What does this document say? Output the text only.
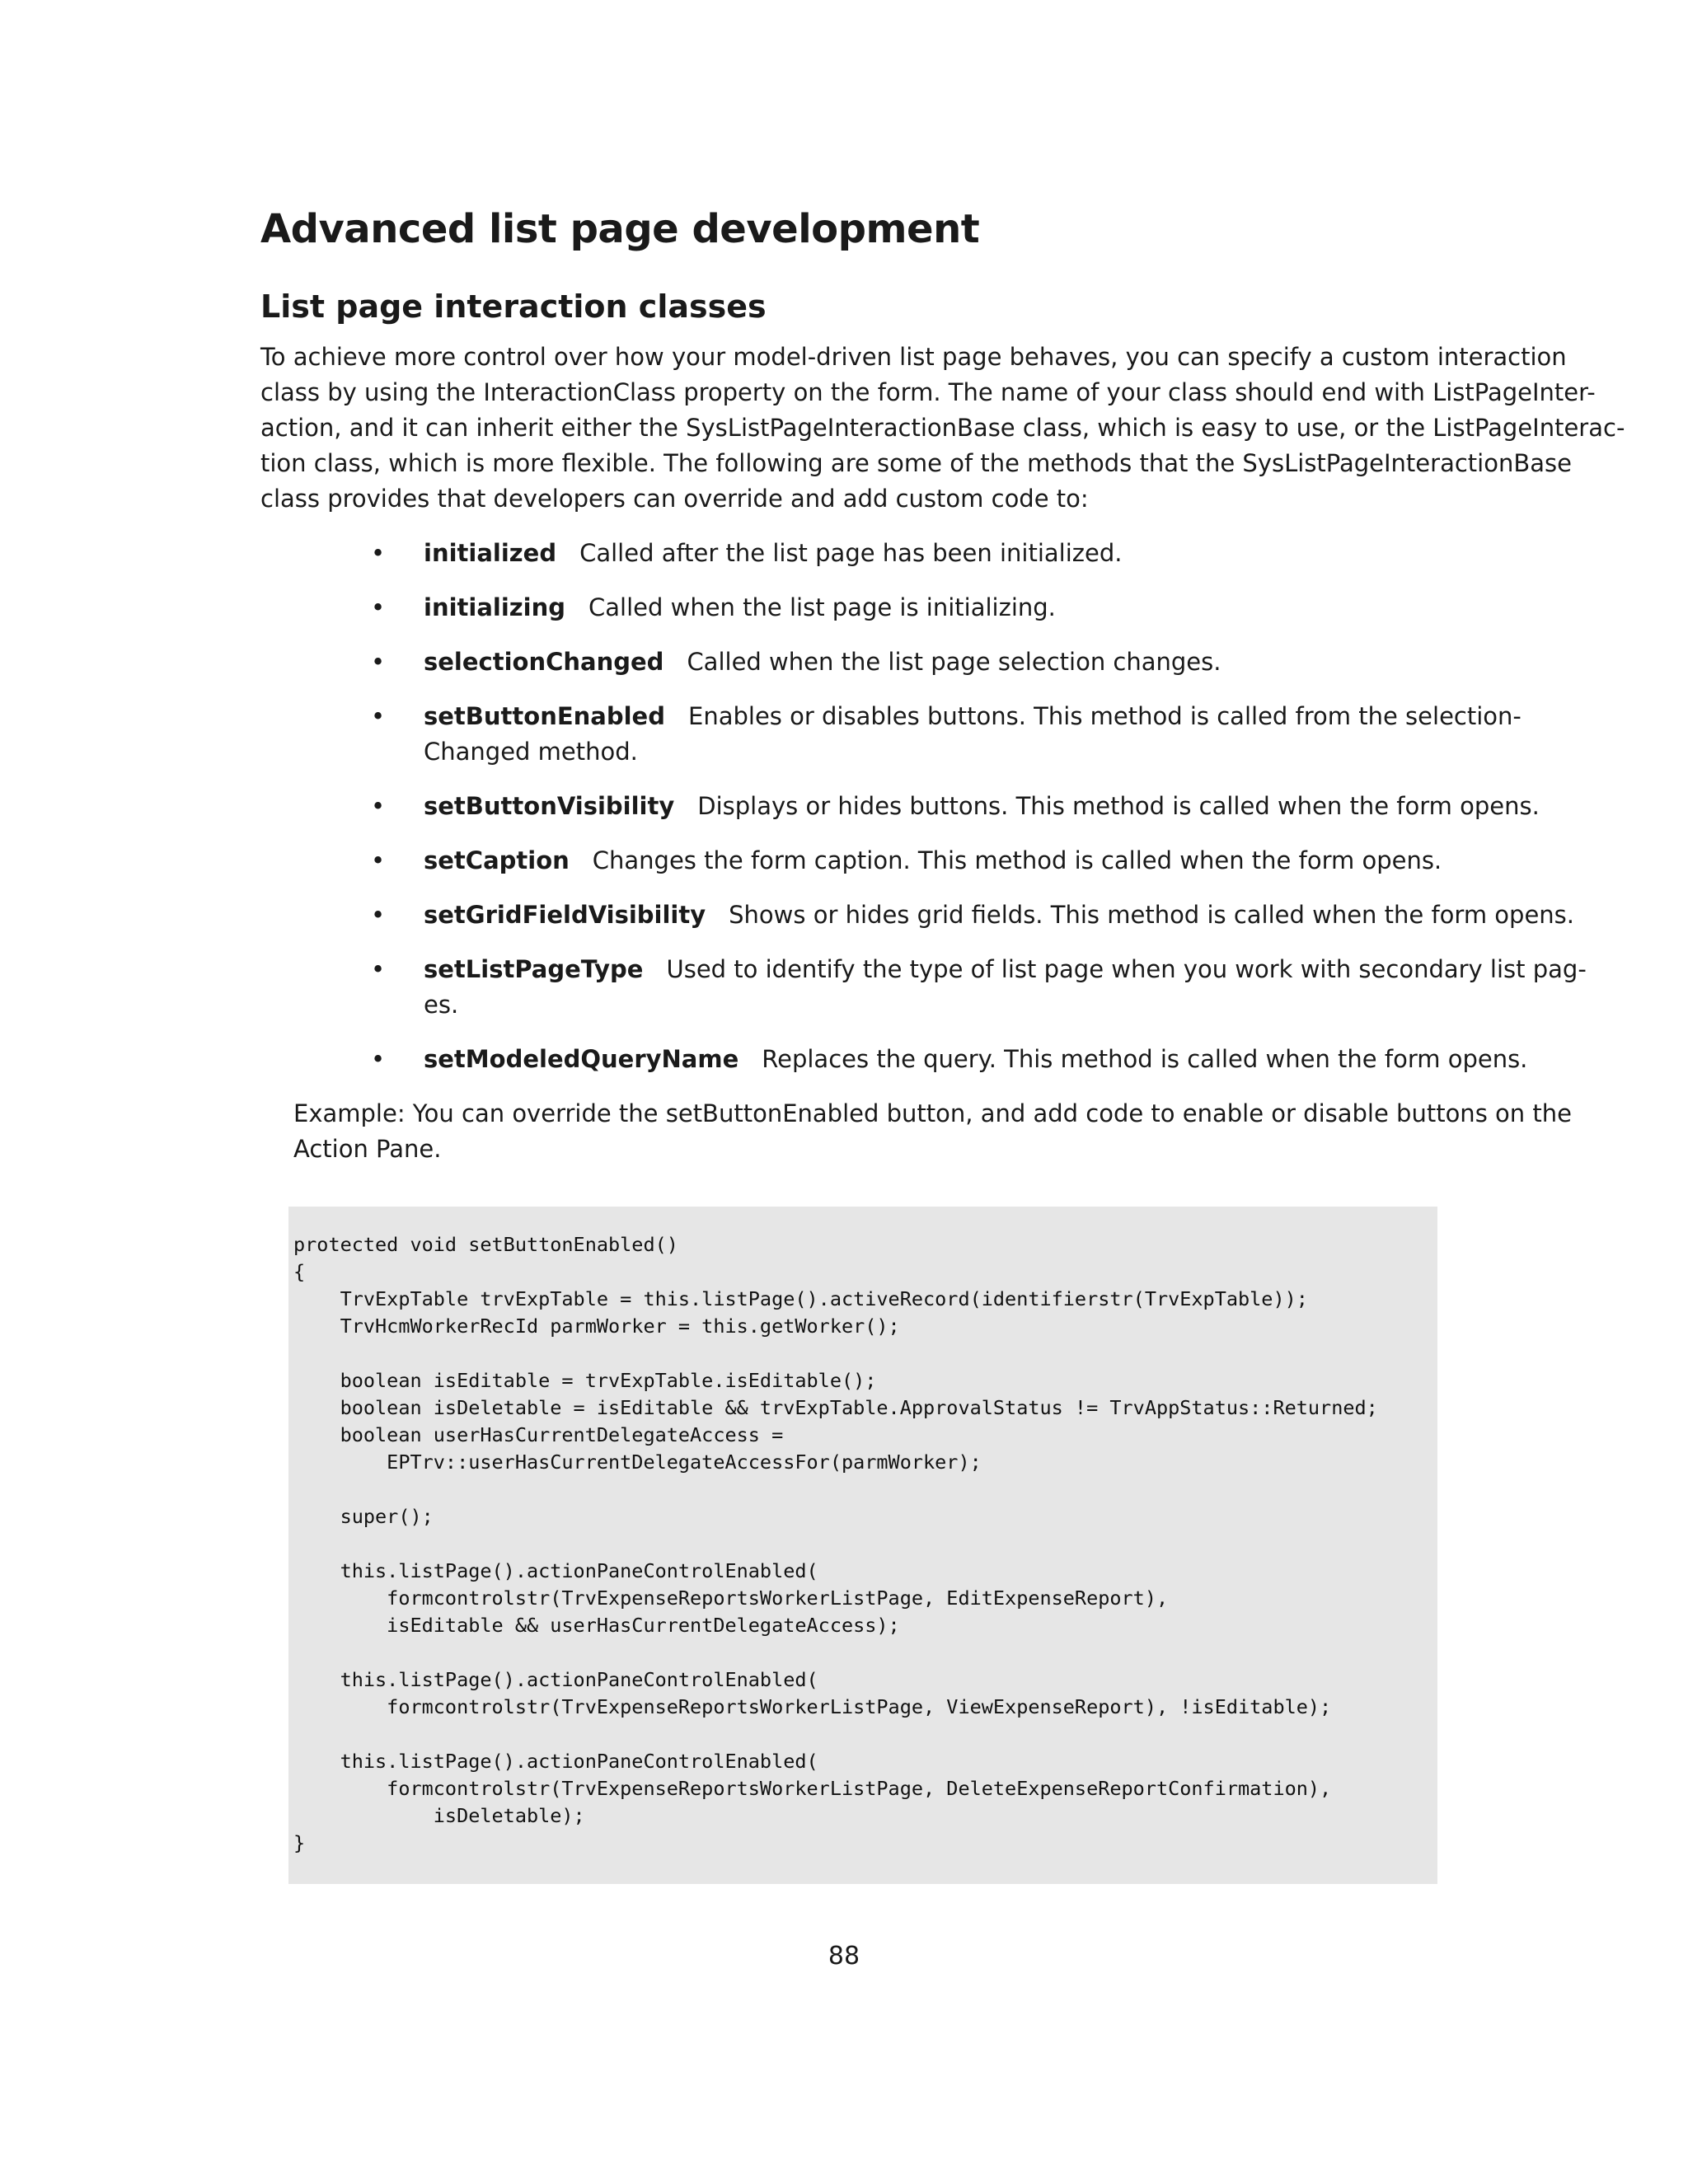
Advanced list page development
List page interaction classes

To achieve more control over how your model-driven list page behaves, you can specify a custom interaction
class by using the InteractionClass property on the form. The name of your class should end with ListPageInter-
action, and it can inherit either the SysListPageInteractionBase class, which is easy to use, or the ListPageInterac-
tion class, which is more flexible. The following are some of the methods that the SysListPageInteractionBase
class provides that developers can override and add custom code to:

• initialized Called after the list page has been initialized.
• initializing Called when the list page is initializing.
• selectionChanged Called when the list page selection changes.
• setButtonEnabled Enables or disables buttons. This method is called from the selection-
Changed method.
• setButtonVisibility Displays or hides buttons. This method is called when the form opens.
• setCaption Changes the form caption. This method is called when the form opens.
• setGridFieldVisibility Shows or hides grid fields. This method is called when the form opens.
• setListPageType Used to identify the type of list page when you work with secondary list pag-
es.
• setModeledQueryName Replaces the query. This method is called when the form opens.

Example: You can override the setButtonEnabled button, and add code to enable or disable buttons on the
Action Pane.

protected void setButtonEnabled()
{
TrvExpTable trvExpTable = this.listPage().activeRecord(identifierstr(TrvExpTable));
TrvHcmWorkerRecId parmWorker = this.getWorker();

boolean isEditable = trvExpTable.isEditable();
boolean isDeletable = isEditable && trvExpTable.ApprovalStatus != TrvAppStatus::Returned;
boolean userHasCurrentDelegateAccess =
EPTrv::userHasCurrentDelegateAccessFor(parmWorker);

super();

this.listPage().actionPaneControlEnabled(
formcontrolstr(TrvExpenseReportsWorkerListPage, EditExpenseReport),
isEditable && userHasCurrentDelegateAccess);

this.listPage().actionPaneControlEnabled(
formcontrolstr(TrvExpenseReportsWorkerListPage, ViewExpenseReport), !isEditable);

this.listPage().actionPaneControlEnabled(
formcontrolstr(TrvExpenseReportsWorkerListPage, DeleteExpenseReportConfirmation),
isDeletable);
}

88
